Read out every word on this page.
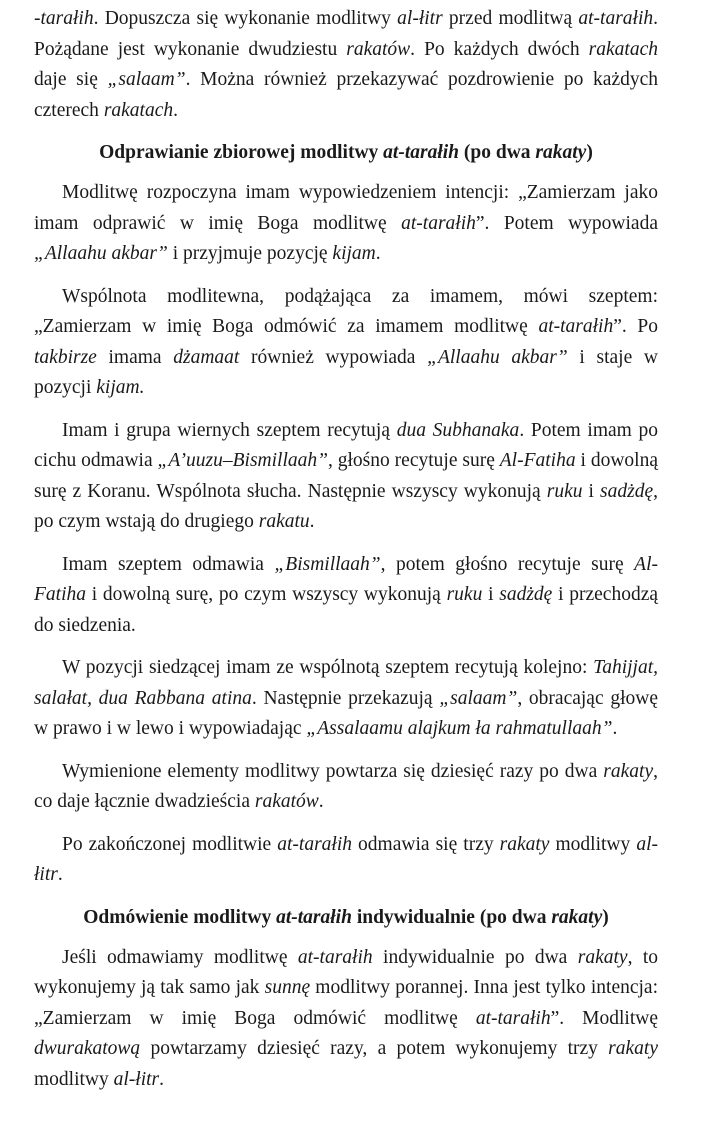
-tarałih. Dopuszcza się wykonanie modlitwy al-łitr przed modlitwą at-tarałih. Pożądane jest wykonanie dwudziestu rakatów. Po każdych dwóch rakatach daje się „salaam”. Można również przekazywać pozdrowienie po każdych czterech rakatach.

Odprawianie zbiorowej modlitwy at-tarałih (po dwa rakaty)

Modlitwę rozpoczyna imam wypowiedzeniem intencji: „Zamierzam jako imam odprawić w imię Boga modlitwę at-tarałih”. Potem wypowiada „Allaahu akbar” i przyjmuje pozycję kijam.

Wspólnota modlitewna, podążająca za imamem, mówi szeptem: „Zamierzam w imię Boga odmówić za imamem modlitwę at-tarałih”. Po takbirze imama dżamaat również wypowiada „Allaahu akbar” i staje w pozycji kijam.

Imam i grupa wiernych szeptem recytują dua Subhanaka. Potem imam po cichu odmawia „A’uuzu–Bismillaah”, głośno recytuje surę Al-Fatiha i dowolną surę z Koranu. Wspólnota słucha. Następnie wszyscy wykonują ruku i sadżdę, po czym wstają do drugiego rakatu.

Imam szeptem odmawia „Bismillaah”, potem głośno recytuje surę Al-Fatiha i dowolną surę, po czym wszyscy wykonują ruku i sadżdę i przechodzą do siedzenia.

W pozycji siedzącej imam ze wspólnotą szeptem recytują kolejno: Tahijjat, salałat, dua Rabbana atina. Następnie przekazują „salaam”, obracając głowę w prawo i w lewo i wypowiadając „Assalaamu alajkum ła rahmatullaah”.

Wymienione elementy modlitwy powtarza się dziesięć razy po dwa rakaty, co daje łącznie dwadzieścia rakatów.

Po zakończonej modlitwie at-tarałih odmawia się trzy rakaty modlitwy al-łitr.

Odmówienie modlitwy at-tarałih indywidualnie (po dwa rakaty)

Jeśli odmawiamy modlitwę at-tarałih indywidualnie po dwa rakaty, to wykonujemy ją tak samo jak sunnę modlitwy porannej. Inna jest tylko intencja: „Zamierzam w imię Boga odmówić modlitwę at-tarałih”. Modlitwę dwurakatową powtarzamy dziesięć razy, a potem wykonujemy trzy rakaty modlitwy al-łitr.
